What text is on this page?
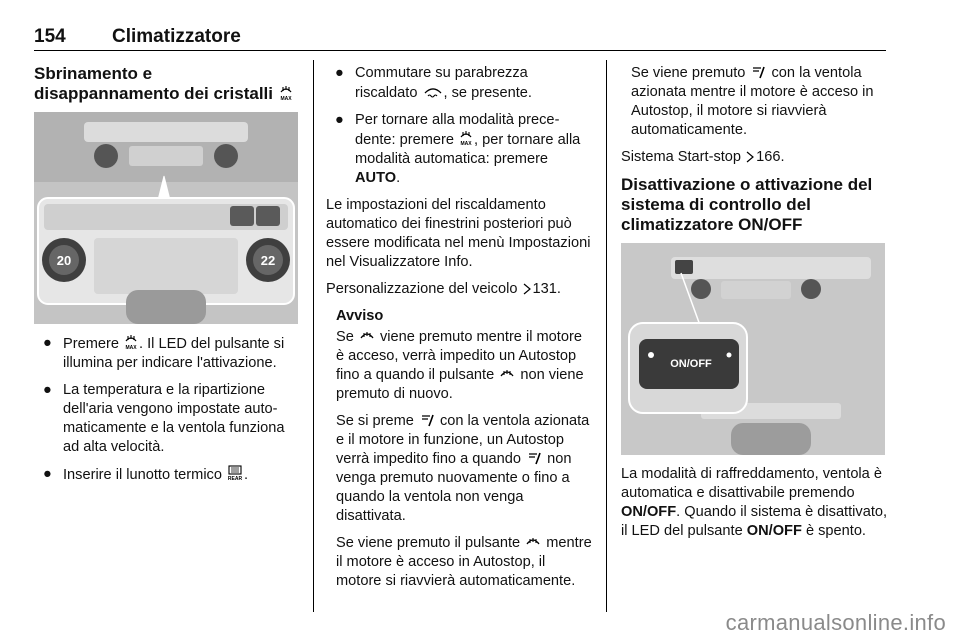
154 Climatizzatore
Sbrinamento e disappannamento dei cristalli MAX
20	22
● Premere MAX . Il LED del pulsante si illumina per indicare l'attivazione.
● La temperatura e la ripartizione dell'aria vengono impostate automaticamente e la ventola funziona ad alta velocità.
● Inserire il lunotto termico REAR .
● Commutare su parabrezza riscaldato , se presente.
● Per tornare alla modalità precedente: premere MAX , per tornare alla modalità automatica: premere AUTO.

Le impostazioni del riscaldamento automatico dei finestrini posteriori può essere modificata nel menù Impostazioni nel Visualizzatore Info.

Personalizzazione del veicolo 131.

Avviso

Se  viene premuto mentre il motore è acceso, verrà impedito un Autostop fino a quando il pulsante  non viene premuto di nuovo.

Se si preme  con la ventola azionata e il motore in funzione, un Autostop verrà impedito fino a quando  non venga premuto nuovamente o fino a quando la ventola non venga disattivata.

Se viene premuto il pulsante  mentre il motore è acceso in Autostop, il motore si riavvierà automaticamente.

Se viene premuto  con la ventola azionata mentre il motore è acceso in Autostop, il motore si riavvierà automaticamente.

Sistema Start-stop 166.

Disattivazione o attivazione del sistema di controllo del climatizzatore ON/OFF
ON/OFF

La modalità di raffreddamento, ventola è automatica e disattivabile premendo ON/OFF. Quando il sistema è disattivato, il LED del pulsante ON/OFF è spento.

carmanualsonline.info
